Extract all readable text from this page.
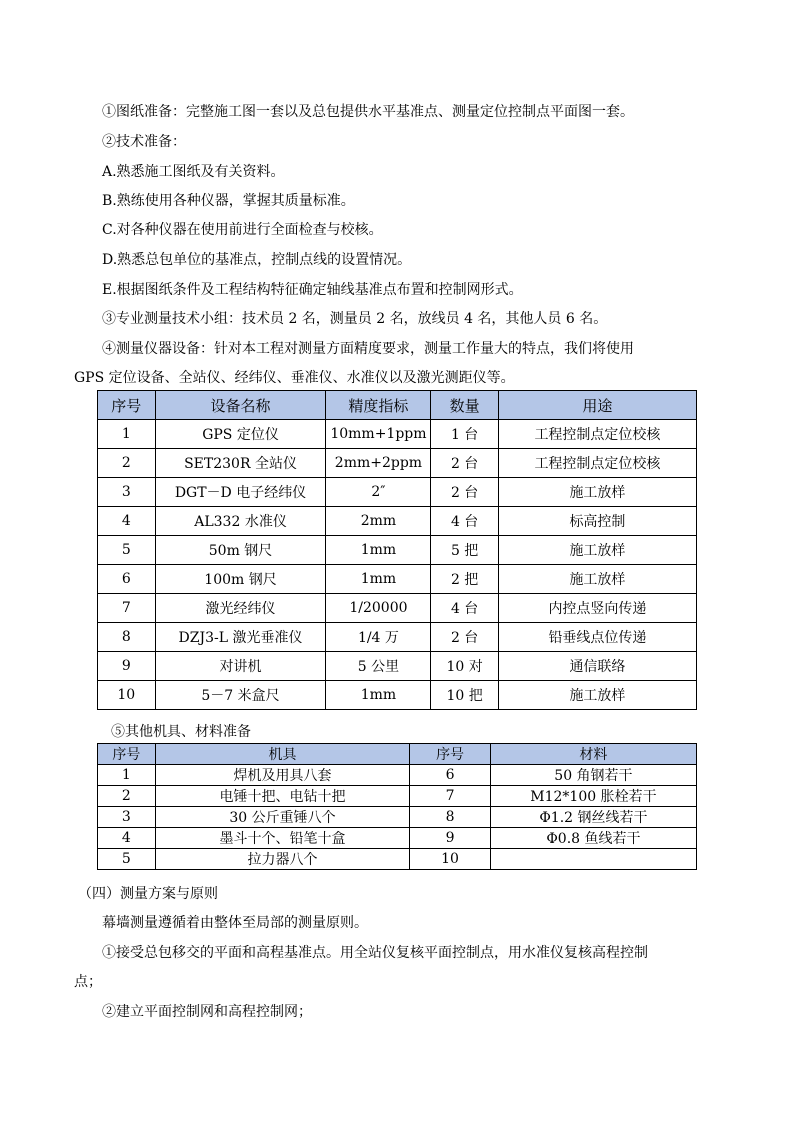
①图纸准备：完整施工图一套以及总包提供水平基准点、测量定位控制点平面图一套。
②技术准备：
A.熟悉施工图纸及有关资料。
B.熟练使用各种仪器，掌握其质量标准。
C.对各种仪器在使用前进行全面检查与校核。
D.熟悉总包单位的基准点，控制点线的设置情况。
E.根据图纸条件及工程结构特征确定轴线基准点布置和控制网形式。
③专业测量技术小组：技术员 2 名，测量员 2 名，放线员 4 名，其他人员 6 名。
④测量仪器设备：针对本工程对测量方面精度要求，测量工作量大的特点，我们将使用
GPS 定位设备、全站仪、经纬仪、垂准仪、水准仪以及激光测距仪等。
序号	设备名称	精度指标	数量	用途
1	GPS 定位仪	10mm+1ppm	1 台	工程控制点定位校核
2	SET230R 全站仪	2mm+2ppm	2 台	工程控制点定位校核
3	DGT－D 电子经纬仪	2″	2 台	施工放样
4	AL332 水准仪	2mm	4 台	标高控制
5	50m 钢尺	1mm	5 把	施工放样
6	100m 钢尺	1mm	2 把	施工放样
7	激光经纬仪	1/20000	4 台	内控点竖向传递
8	DZJ3-L 激光垂准仪	1/4 万	2 台	铅垂线点位传递
9	对讲机	5 公里	10 对	通信联络
10	5－7 米盒尺	1mm	10 把	施工放样
⑤其他机具、材料准备
序号	机具	序号	材料
1	焊机及用具八套	6	50 角钢若干
2	电锤十把、电钻十把	7	M12*100 胀栓若干
3	30 公斤重锤八个	8	Φ1.2 钢丝线若干
4	墨斗十个、铅笔十盒	9	Φ0.8 鱼线若干
5	拉力器八个	10	
（四）测量方案与原则
幕墙测量遵循着由整体至局部的测量原则。
①接受总包移交的平面和高程基准点。用全站仪复核平面控制点，用水准仪复核高程控制
点；
②建立平面控制网和高程控制网；
